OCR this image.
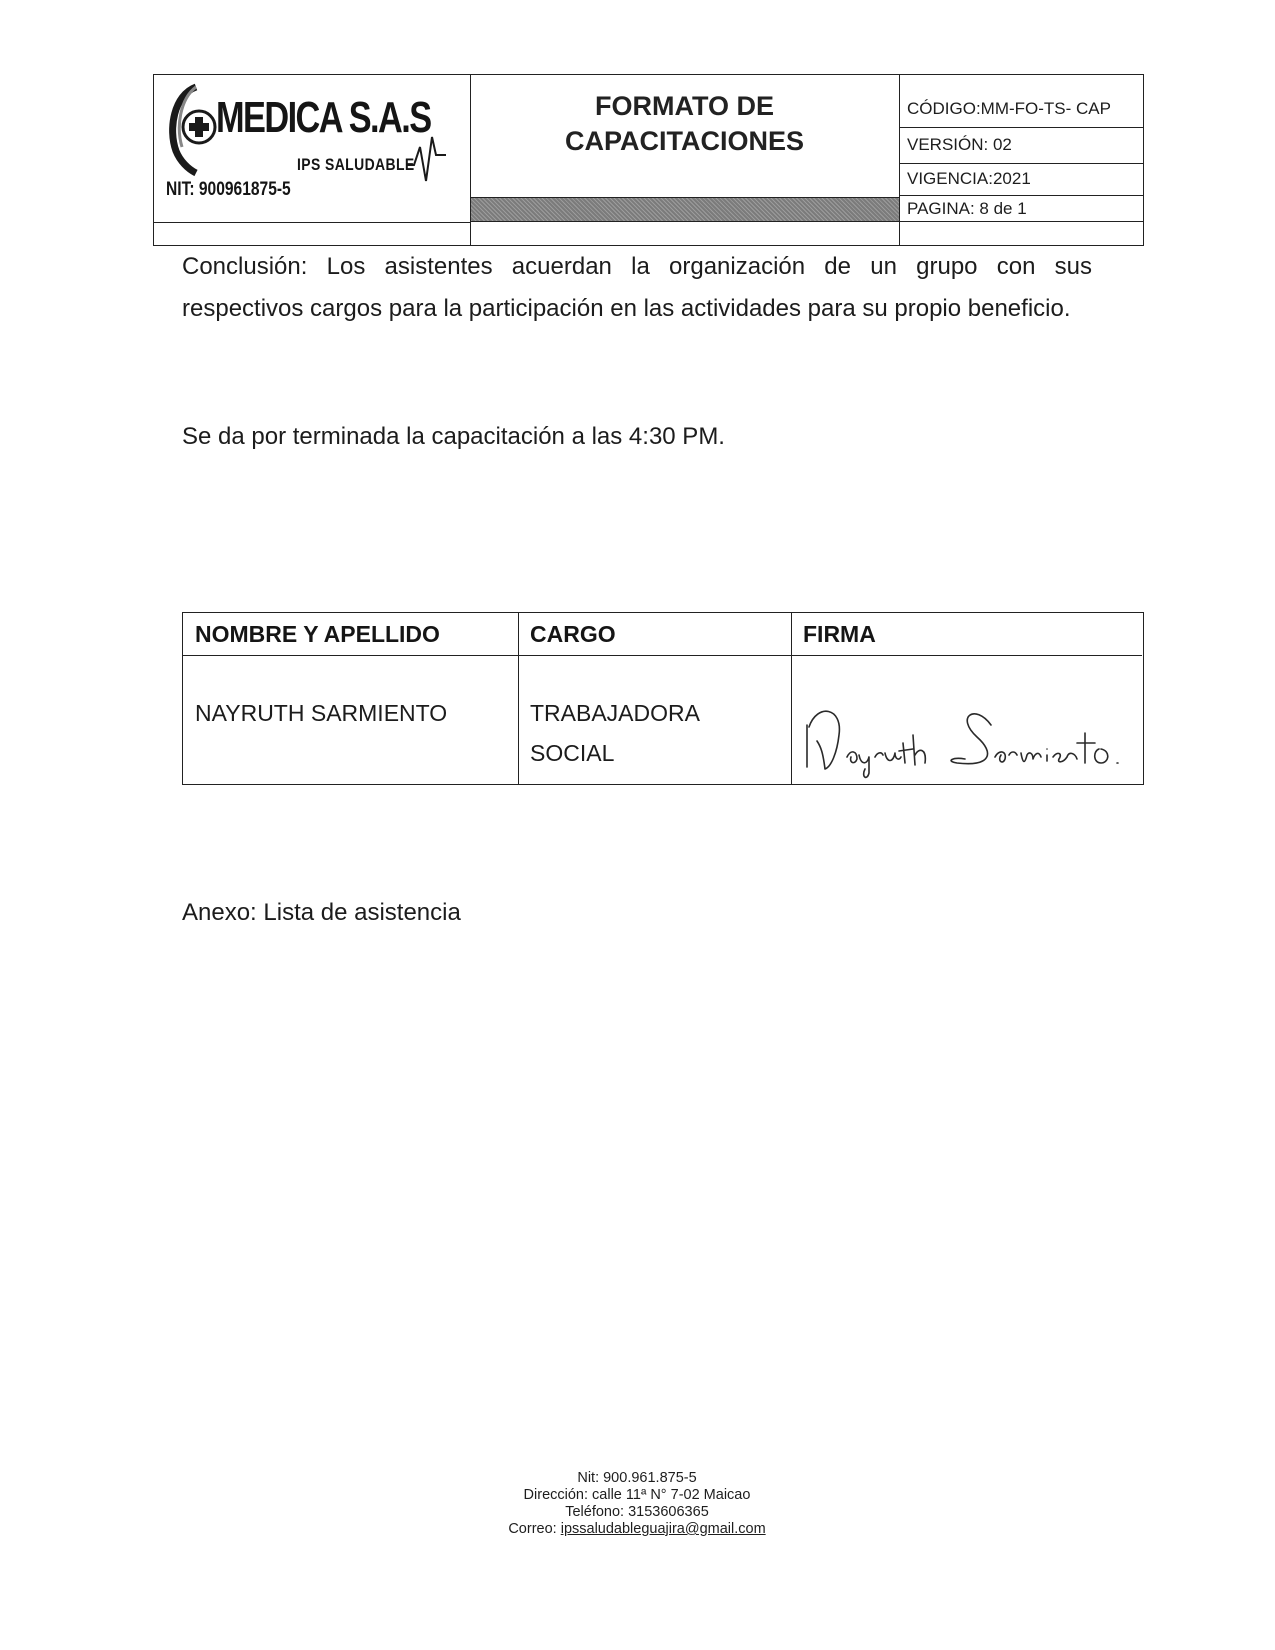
MEDICA S.A.S
IPS SALUDABLE
NIT: 900961875-5
FORMATO DE
CAPACITACIONES
CÓDIGO:MM-FO-TS- CAP
VERSIÓN: 02
VIGENCIA:2021
PAGINA: 8 de 1
Conclusión: Los asistentes acuerdan la organización de un grupo con sus
respectivos cargos para la participación en las actividades para su propio beneficio.
Se da por terminada la capacitación a las 4:30 PM.
NOMBRE Y APELLIDO	CARGO	FIRMA
NAYRUTH SARMIENTO	TRABAJADORA
SOCIAL
Anexo: Lista de asistencia
Nit: 900.961.875-5
Dirección: calle 11ª N° 7-02 Maicao
Teléfono: 3153606365
Correo: ipssaludableguajira@gmail.com
